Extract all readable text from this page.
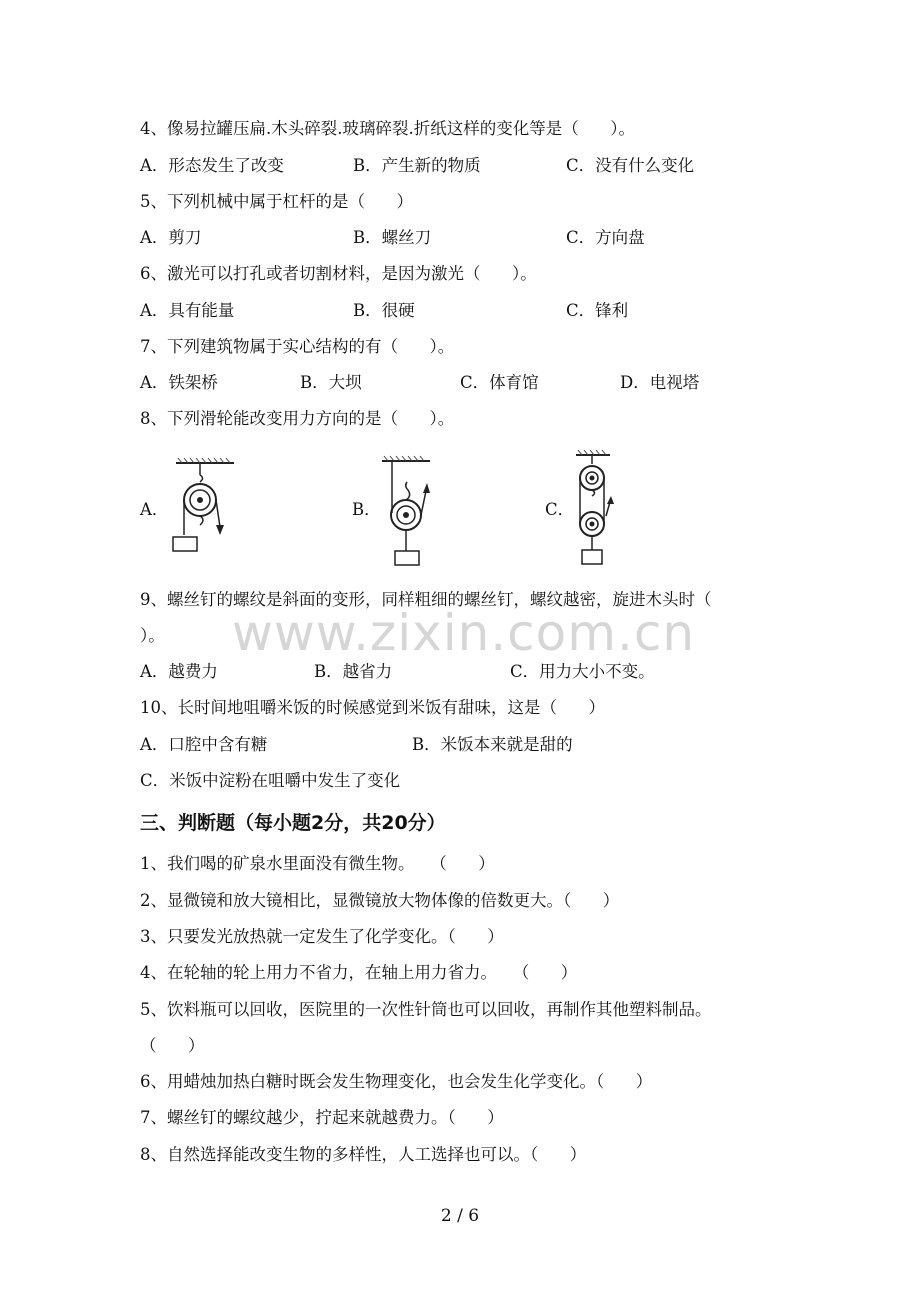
4、像易拉罐压扁.木头碎裂.玻璃碎裂.折纸这样的变化等是（      ）。
A．形态发生了改变	B．产生新的物质	C．没有什么变化
5、下列机械中属于杠杆的是（      ）
A．剪刀	B．螺丝刀	C．方向盘
6、激光可以打孔或者切割材料，是因为激光（      ）。
A．具有能量	B．很硬	C．锋利
7、下列建筑物属于实心结构的有（      ）。
A．铁架桥	B．大坝	C．体育馆	D．电视塔
8、下列滑轮能改变用力方向的是（      ）。
A．	B．	C．
9、螺丝钉的螺纹是斜面的变形，同样粗细的螺丝钉，螺纹越密，旋进木头时（
）。
A．越费力	B．越省力	C．用力大小不变。
www.zixin.com.cn
10、长时间地咀嚼米饭的时候感觉到米饭有甜味，这是（      ）
A．口腔中含有糖	B．米饭本来就是甜的
C．米饭中淀粉在咀嚼中发生了变化
三、判断题（每小题2分，共20分）
1、我们喝的矿泉水里面没有微生物。   （      ）
2、显微镜和放大镜相比，显微镜放大物体像的倍数更大。（      ）
3、只要发光放热就一定发生了化学变化。（      ）
4、在轮轴的轮上用力不省力，在轴上用力省力。   （      ）
5、饮料瓶可以回收，医院里的一次性针筒也可以回收，再制作其他塑料制品。
（      ）
6、用蜡烛加热白糖时既会发生物理变化，也会发生化学变化。（      ）
7、螺丝钉的螺纹越少，拧起来就越费力。（      ）
8、自然选择能改变生物的多样性，人工选择也可以。（      ）
2 / 6
